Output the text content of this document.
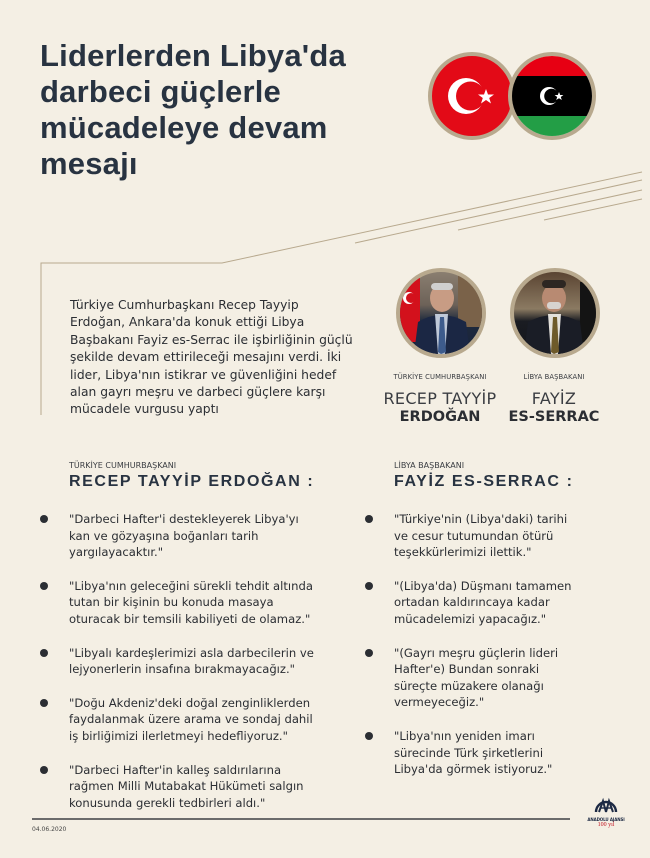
Liderlerden Libya'da
darbeci güçlerle
mücadeleye devam
mesajı
Türkiye Cumhurbaşkanı Recep Tayyip Erdoğan, Ankara'da konuk ettiği Libya Başbakanı Fayiz es-Serrac ile işbirliğinin güçlü şekilde devam ettirileceği mesajını verdi. İki lider, Libya'nın istikrar ve güvenliğini hedef alan gayrı meşru ve darbeci güçlere karşı mücadele vurgusu yaptı
TÜRKİYE CUMHURBAŞKANI
RECEP TAYYİP
ERDOĞAN
LİBYA BAŞBAKANI
FAYİZ
ES-SERRAC
TÜRKİYE CUMHURBAŞKANI
RECEP TAYYİP ERDOĞAN :
"Darbeci Hafter'i destekleyerek Libya'yı kan ve gözyaşına boğanları tarih yargılayacaktır."
"Libya'nın geleceğini sürekli tehdit altında tutan bir kişinin bu konuda masaya oturacak bir temsili kabiliyeti de olamaz."
"Libyalı kardeşlerimizi asla darbecilerin ve lejyonerlerin insafına bırakmayacağız."
"Doğu Akdeniz'deki doğal zenginliklerden faydalanmak üzere arama ve sondaj dahil iş birliğimizi ilerletmeyi hedefliyoruz."
"Darbeci Hafter'in kalleş saldırılarına rağmen Milli Mutabakat Hükümeti salgın konusunda gerekli tedbirleri aldı."
LİBYA BAŞBAKANI
FAYİZ ES-SERRAC :
"Türkiye'nin (Libya'daki) tarihi ve cesur tutumundan ötürü teşekkürlerimizi ilettik."
"(Libya'da) Düşmanı tamamen ortadan kaldırıncaya kadar mücadelemizi yapacağız."
"(Gayrı meşru güçlerin lideri Hafter'e) Bundan sonraki süreçte müzakere olanağı vermeyeceğiz."
"Libya'nın yeniden imarı sürecinde Türk şirketlerini Libya'da görmek istiyoruz."
04.06.2020
ANADOLU AJANSI
100 yıl
